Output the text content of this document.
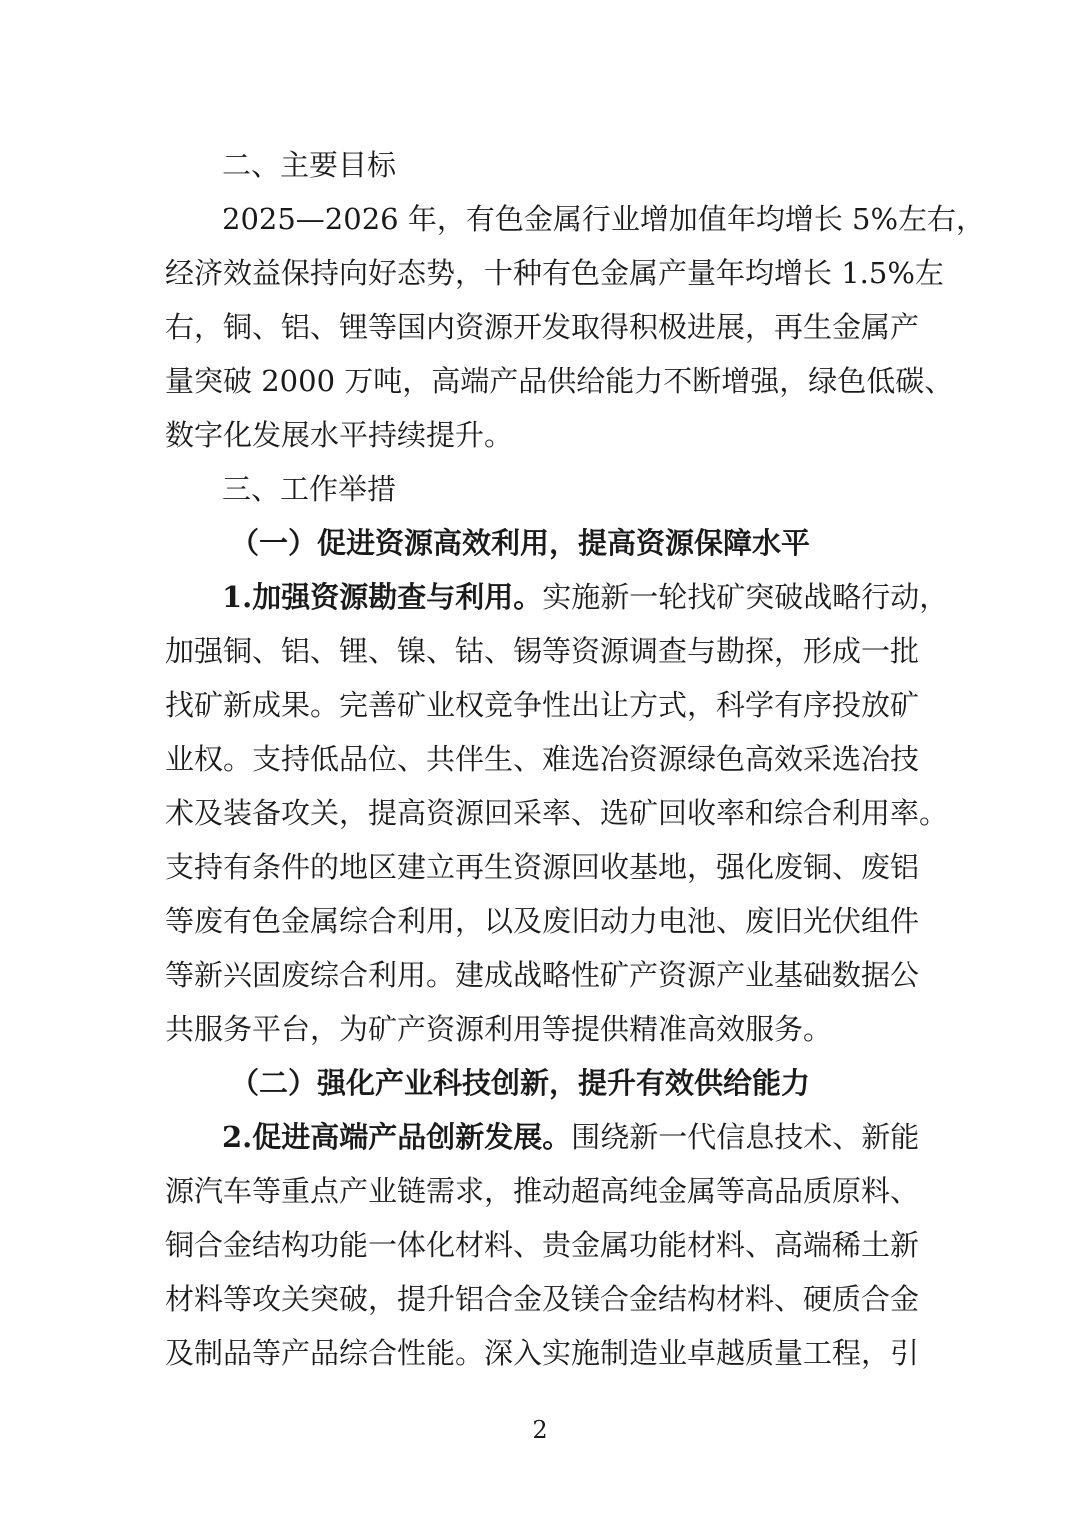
二、主要目标
2025—2026 年，有色金属行业增加值年均增长 5%左右，
经济效益保持向好态势，十种有色金属产量年均增长 1.5%左
右，铜、铝、锂等国内资源开发取得积极进展，再生金属产
量突破 2000 万吨，高端产品供给能力不断增强，绿色低碳、
数字化发展水平持续提升。
三、工作举措
（一）促进资源高效利用，提高资源保障水平
1.加强资源勘查与利用。实施新一轮找矿突破战略行动，
加强铜、铝、锂、镍、钴、锡等资源调查与勘探，形成一批
找矿新成果。完善矿业权竞争性出让方式，科学有序投放矿
业权。支持低品位、共伴生、难选冶资源绿色高效采选冶技
术及装备攻关，提高资源回采率、选矿回收率和综合利用率。
支持有条件的地区建立再生资源回收基地，强化废铜、废铝
等废有色金属综合利用，以及废旧动力电池、废旧光伏组件
等新兴固废综合利用。建成战略性矿产资源产业基础数据公
共服务平台，为矿产资源利用等提供精准高效服务。
（二）强化产业科技创新，提升有效供给能力
2.促进高端产品创新发展。围绕新一代信息技术、新能
源汽车等重点产业链需求，推动超高纯金属等高品质原料、
铜合金结构功能一体化材料、贵金属功能材料、高端稀土新
材料等攻关突破，提升铝合金及镁合金结构材料、硬质合金
及制品等产品综合性能。深入实施制造业卓越质量工程，引
2
